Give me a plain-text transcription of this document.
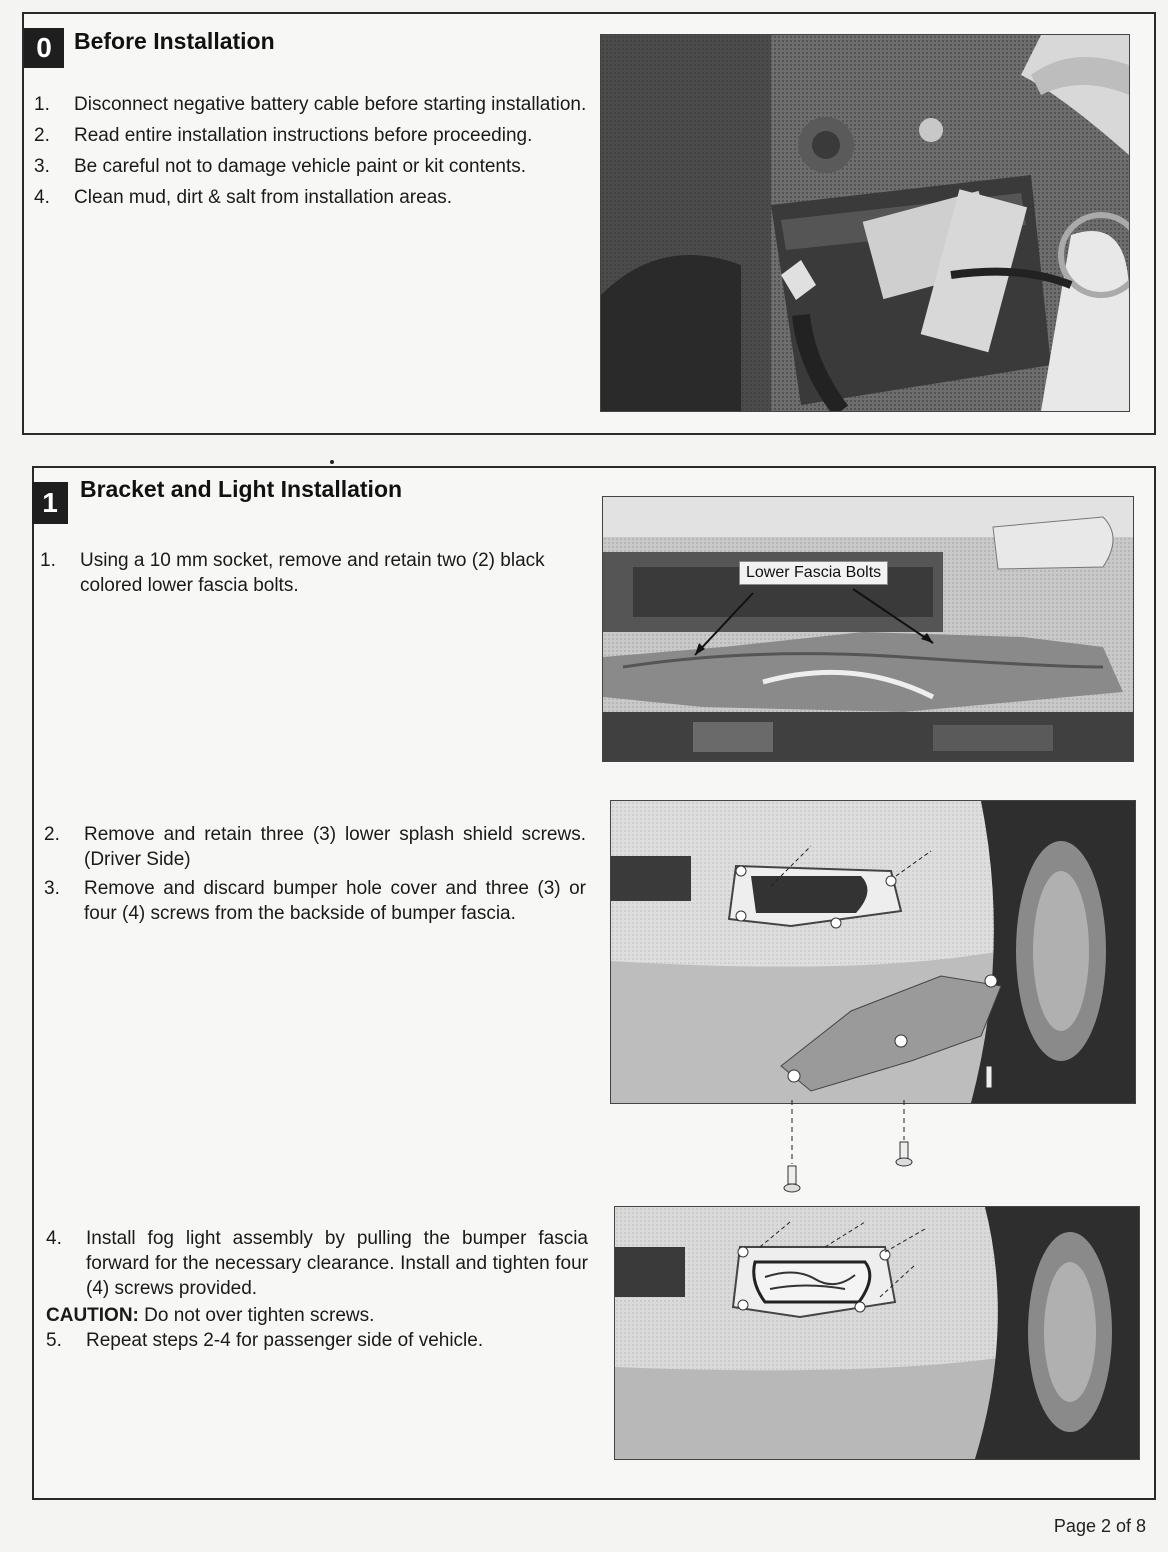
0 Before Installation
1. Disconnect negative battery cable before starting installation.
2. Read entire installation instructions before proceeding.
3. Be careful not to damage vehicle paint or kit contents.
4. Clean mud, dirt & salt from installation areas.
1 Bracket and Light Installation
1. Using a 10 mm socket, remove and retain two (2) black colored lower fascia bolts.
2. Remove and retain three (3) lower splash shield screws. (Driver Side)
3. Remove and discard bumper hole cover and three (3) or four (4) screws from the backside of bumper fascia.
4. Install fog light assembly by pulling the bumper fascia forward for the necessary clearance. Install and tighten four (4) screws provided.
CAUTION: Do not over tighten screws.
5. Repeat steps 2-4 for passenger side of vehicle.
Lower Fascia Bolts
Page 2 of 8
